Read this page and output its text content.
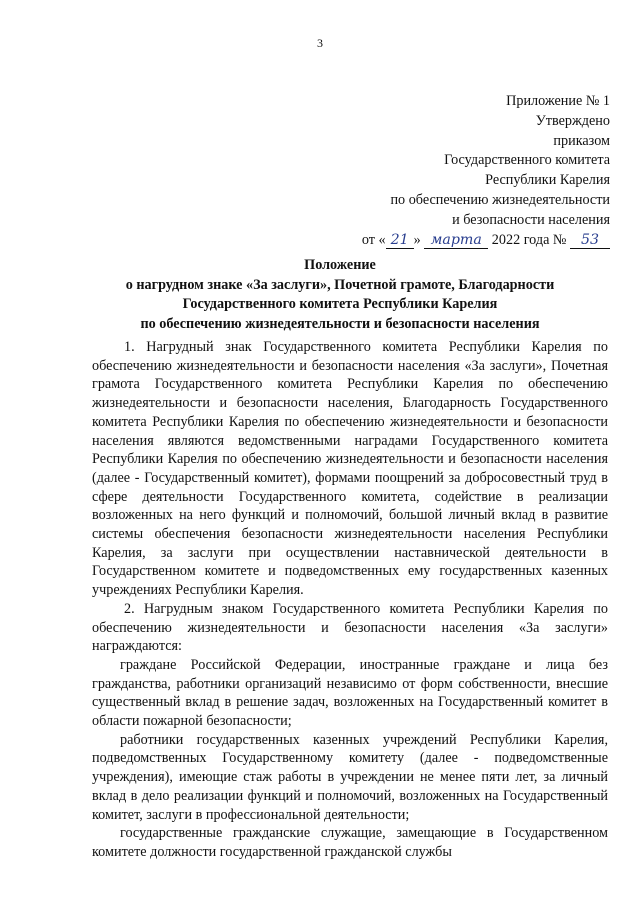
3
Приложение № 1
Утверждено
приказом
Государственного комитета
Республики Карелия
по обеспечению жизнедеятельности
и безопасности населения
от « 21 » марта 2022 года № 53
Положение
о нагрудном знаке «За заслуги», Почетной грамоте, Благодарности
Государственного комитета Республики Карелия
по обеспечению жизнедеятельности и безопасности населения

1. Нагрудный знак Государственного комитета Республики Карелия по обеспечению жизнедеятельности и безопасности населения «За заслуги», Почетная грамота Государственного комитета Республики Карелия по обеспечению жизнедеятельности и безопасности населения, Благодарность Государственного комитета Республики Карелия по обеспечению жизнедеятельности и безопасности населения являются ведомственными наградами Государственного комитета Республики Карелия по обеспечению жизнедеятельности и безопасности населения (далее - Государственный комитет), формами поощрений за добросовестный труд в сфере деятельности Государственного комитета, содействие в реализации возложенных на него функций и полномочий, большой личный вклад в развитие системы обеспечения безопасности жизнедеятельности населения Республики Карелия, за заслуги при осуществлении наставнической деятельности в Государственном комитете и подведомственных ему государственных казенных учреждениях Республики Карелия.

2. Нагрудным знаком Государственного комитета Республики Карелия по обеспечению жизнедеятельности и безопасности населения «За заслуги» награждаются:

граждане Российской Федерации, иностранные граждане и лица без гражданства, работники организаций независимо от форм собственности, внесшие существенный вклад в решение задач, возложенных на Государственный комитет в области пожарной безопасности;

работники государственных казенных учреждений Республики Карелия, подведомственных Государственному комитету (далее - подведомственные учреждения), имеющие стаж работы в учреждении не менее пяти лет, за личный вклад в дело реализации функций и полномочий, возложенных на Государственный комитет, заслуги в профессиональной деятельности;

государственные гражданские служащие, замещающие в Государственном комитете должности государственной гражданской службы
